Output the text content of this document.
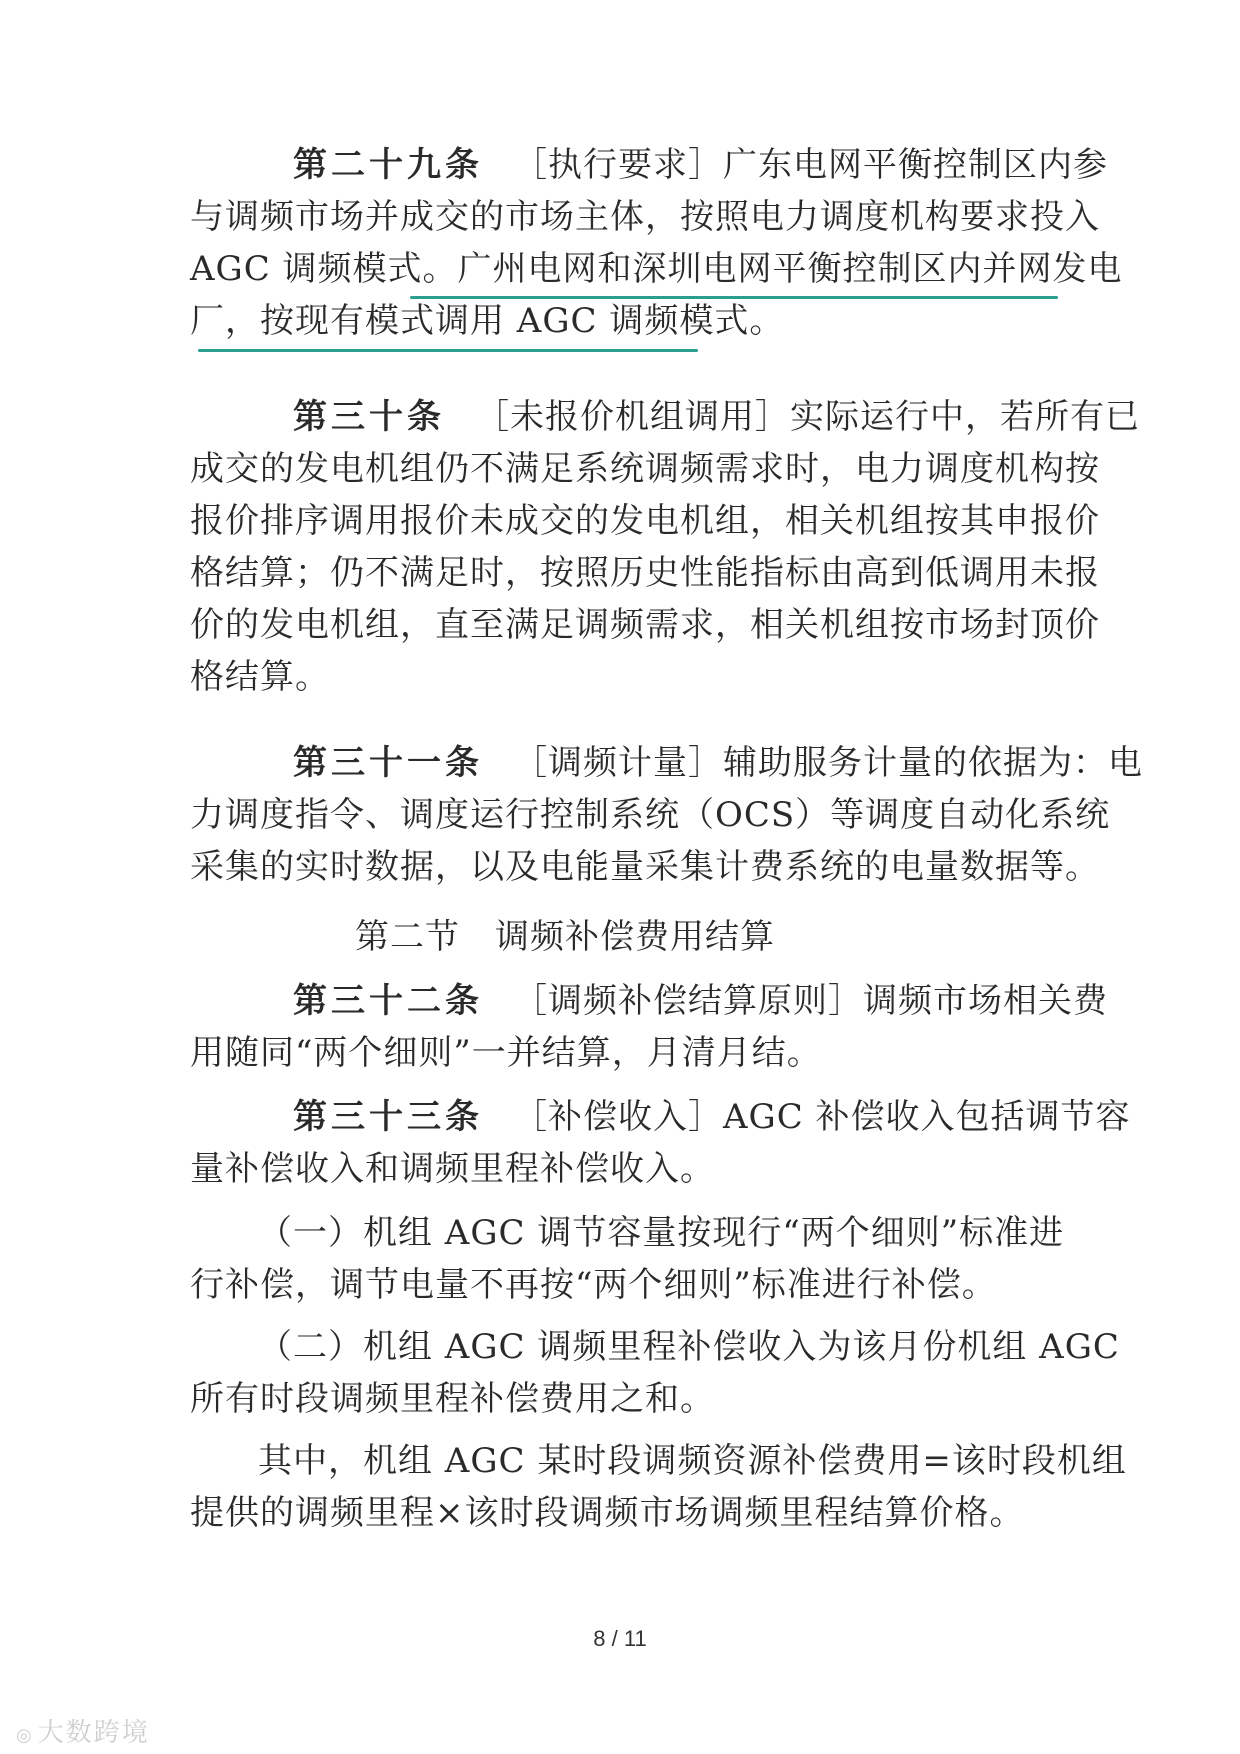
第二十九条 ［执行要求］广东电网平衡控制区内参
与调频市场并成交的市场主体，按照电力调度机构要求投入
AGC 调频模式。广州电网和深圳电网平衡控制区内并网发电
厂，按现有模式调用 AGC 调频模式。
第三十条 ［未报价机组调用］实际运行中，若所有已
成交的发电机组仍不满足系统调频需求时，电力调度机构按
报价排序调用报价未成交的发电机组，相关机组按其申报价
格结算；仍不满足时，按照历史性能指标由高到低调用未报
价的发电机组，直至满足调频需求，相关机组按市场封顶价
格结算。
第三十一条 ［调频计量］辅助服务计量的依据为：电
力调度指令、调度运行控制系统（OCS）等调度自动化系统
采集的实时数据，以及电能量采集计费系统的电量数据等。
第二节　调频补偿费用结算
第三十二条 ［调频补偿结算原则］调频市场相关费
用随同“两个细则”一并结算，月清月结。
第三十三条 ［补偿收入］AGC 补偿收入包括调节容
量补偿收入和调频里程补偿收入。
（一）机组 AGC 调节容量按现行“两个细则”标准进
行补偿，调节电量不再按“两个细则”标准进行补偿。
（二）机组 AGC 调频里程补偿收入为该月份机组 AGC
所有时段调频里程补偿费用之和。
其中，机组 AGC 某时段调频资源补偿费用=该时段机组
提供的调频里程×该时段调频市场调频里程结算价格。
8 / 11
◎ 大数跨境
